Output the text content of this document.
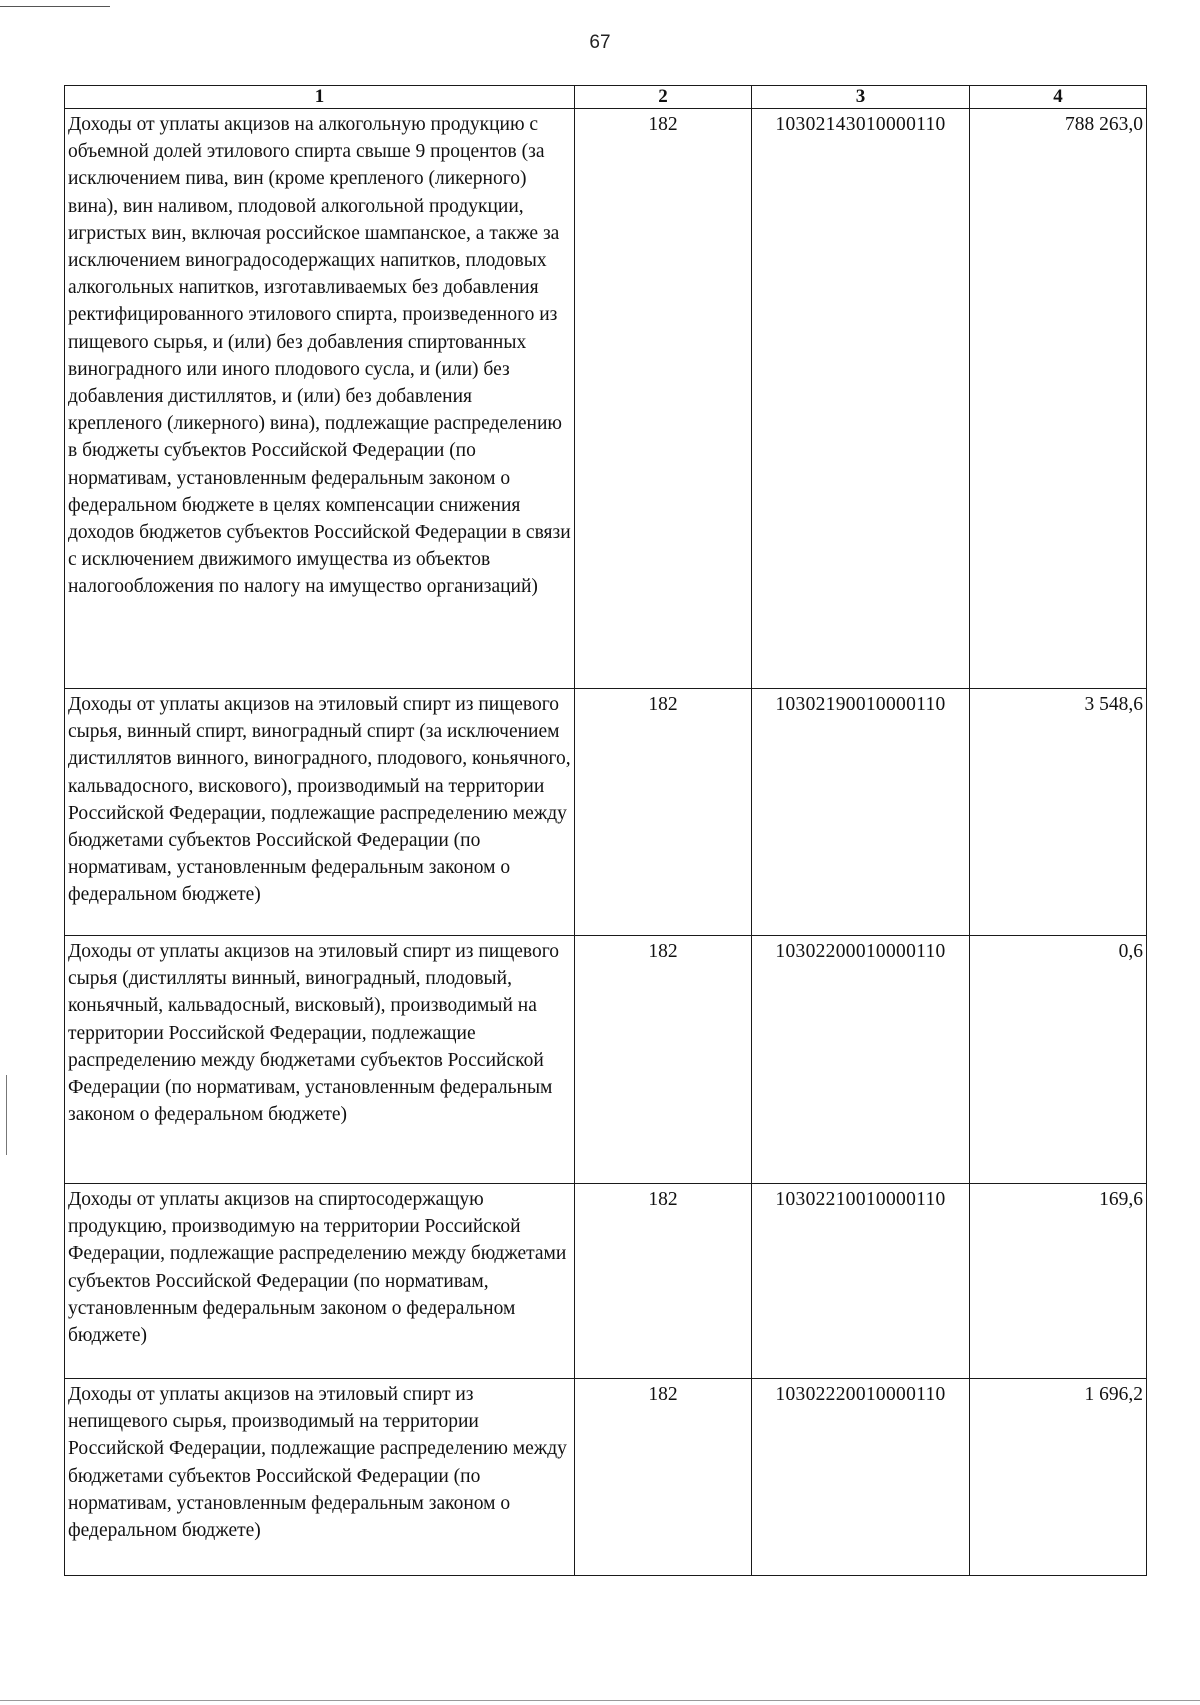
67
1	2	3	4
Доходы от уплаты акцизов на алкогольную продукцию с объемной долей этилового спирта свыше 9 процентов (за исключением пива, вин (кроме крепленого (ликерного) вина), вин наливом, плодовой алкогольной продукции, игристых вин, включая российское шампанское, а также за исключением виноградосодержащих напитков, плодовых алкогольных напитков, изготавливаемых без добавления ректифицированного этилового спирта, произведенного из пищевого сырья, и (или) без добавления спиртованных виноградного или иного плодового сусла, и (или) без добавления дистиллятов, и (или) без добавления крепленого (ликерного) вина), подлежащие распределению в бюджеты субъектов Российской Федерации (по нормативам, установленным федеральным законом о федеральном бюджете в целях компенсации снижения доходов бюджетов субъектов Российской Федерации в связи с исключением движимого имущества из объектов налогообложения по налогу на имущество организаций)	182	10302143010000110	788 263,0
Доходы от уплаты акцизов на этиловый спирт из пищевого сырья, винный спирт, виноградный спирт (за исключением дистиллятов винного, виноградного, плодового, коньячного, кальвадосного, вискового), производимый на территории Российской Федерации, подлежащие распределению между бюджетами субъектов Российской Федерации (по нормативам, установленным федеральным законом о федеральном бюджете)	182	10302190010000110	3 548,6
Доходы от уплаты акцизов на этиловый спирт из пищевого сырья (дистилляты винный, виноградный, плодовый, коньячный, кальвадосный, висковый), производимый на территории Российской Федерации, подлежащие распределению между бюджетами субъектов Российской Федерации (по нормативам, установленным федеральным законом о федеральном бюджете)	182	10302200010000110	0,6
Доходы от уплаты акцизов на спиртосодержащую продукцию, производимую на территории Российской Федерации, подлежащие распределению между бюджетами субъектов Российской Федерации (по нормативам, установленным федеральным законом о федеральном бюджете)	182	10302210010000110	169,6
Доходы от уплаты акцизов на этиловый спирт из непищевого сырья, производимый на территории Российской Федерации, подлежащие распределению между бюджетами субъектов Российской Федерации (по нормативам, установленным федеральным законом о федеральном бюджете)	182	10302220010000110	1 696,2
